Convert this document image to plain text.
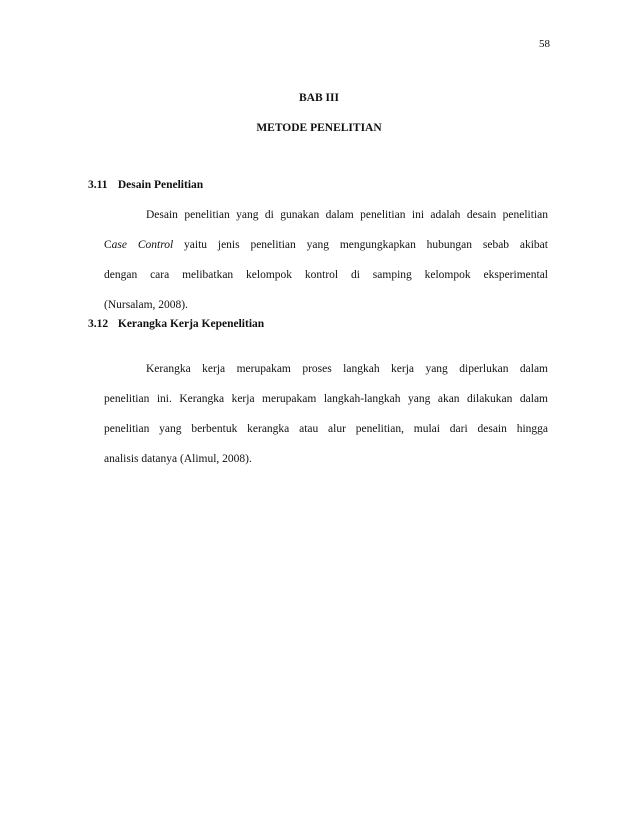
58
BAB III
METODE PENELITIAN
3.11 Desain Penelitian
Desain penelitian yang di gunakan dalam penelitian ini adalah desain penelitian
Case Control yaitu jenis penelitian yang mengungkapkan hubungan sebab akibat
dengan cara melibatkan kelompok kontrol di samping kelompok eksperimental
(Nursalam, 2008).
3.12 Kerangka Kerja Kepenelitian
Kerangka kerja merupakam proses langkah kerja yang diperlukan dalam
penelitian ini. Kerangka kerja merupakam langkah-langkah yang akan dilakukan dalam
penelitian yang berbentuk kerangka atau alur penelitian, mulai dari desain hingga
analisis datanya (Alimul, 2008).
